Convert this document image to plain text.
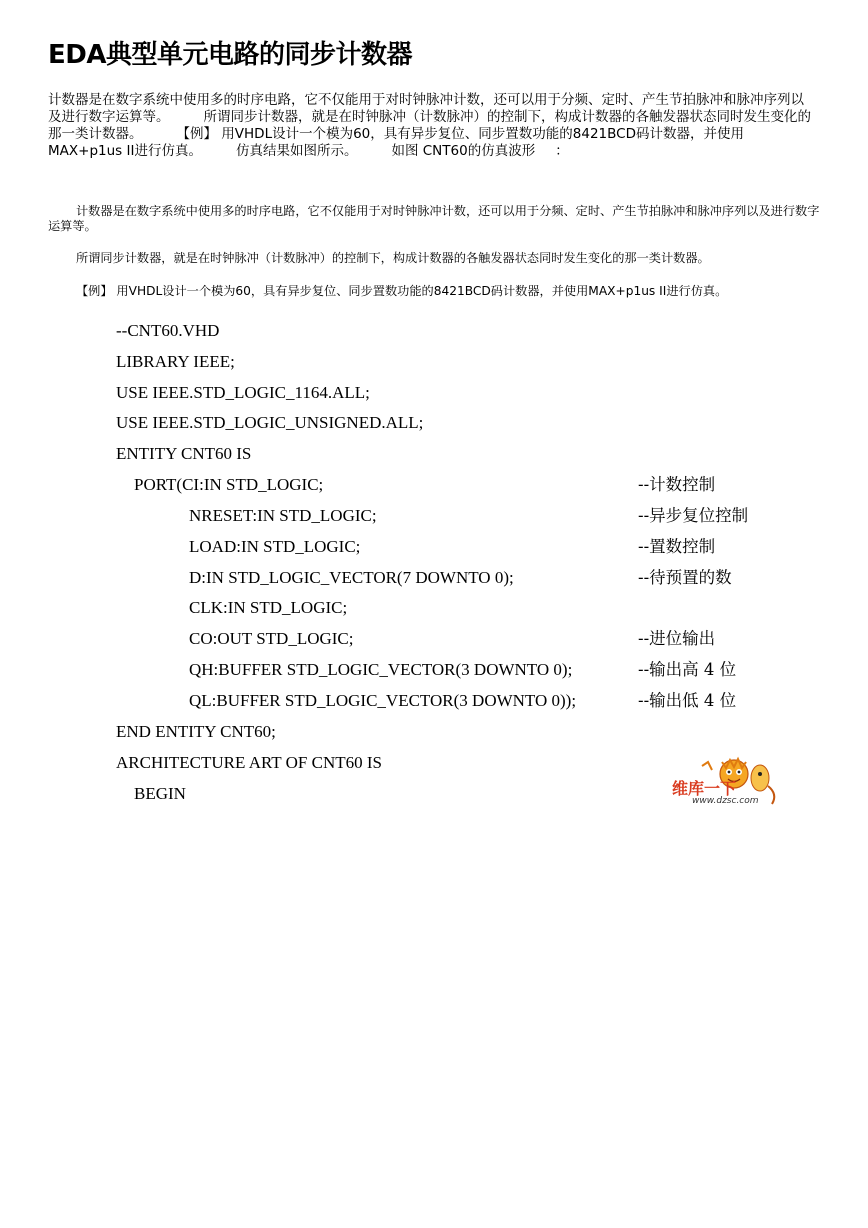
EDA典型单元电路的同步计数器

计数器是在数字系统中使用多的时序电路，它不仅能用于对时钟脉冲计数，还可以用于分频、定时、产生节拍脉冲和脉冲序列以及进行数字运算等。	所谓同步计数器，就是在时钟脉冲（计数脉冲）的控制下，构成计数器的各触发器状态同时发生变化的那一类计数器。	【例】 用VHDL设计一个模为60，具有异步复位、同步置数功能的8421BCD码计数器，并使用MAX+p1us II进行仿真。	仿真结果如图所示。	如图 CNT60的仿真波形 ：

计数器是在数字系统中使用多的时序电路，它不仅能用于对时钟脉冲计数，还可以用于分频、定时、产生节拍脉冲和脉冲序列以及进行数字运算等。

所谓同步计数器，就是在时钟脉冲（计数脉冲）的控制下，构成计数器的各触发器状态同时发生变化的那一类计数器。

【例】 用VHDL设计一个模为60，具有异步复位、同步置数功能的8421BCD码计数器，并使用MAX+p1us II进行仿真。

--CNT60.VHD
LIBRARY IEEE;
USE IEEE.STD_LOGIC_1164.ALL;
USE IEEE.STD_LOGIC_UNSIGNED.ALL;
ENTITY CNT60 IS
PORT(CI:IN STD_LOGIC;	--计数控制
NRESET:IN STD_LOGIC;	--异步复位控制
LOAD:IN STD_LOGIC;	--置数控制
D:IN STD_LOGIC_VECTOR(7 DOWNTO 0);	--待预置的数
CLK:IN STD_LOGIC;
CO:OUT STD_LOGIC;	--进位输出
QH:BUFFER STD_LOGIC_VECTOR(3 DOWNTO 0);	--输出高 4 位
QL:BUFFER STD_LOGIC_VECTOR(3 DOWNTO 0));	--输出低 4 位
END ENTITY CNT60;
ARCHITECTURE ART OF CNT60 IS
BEGIN	维库一下
www.dzsc.com
